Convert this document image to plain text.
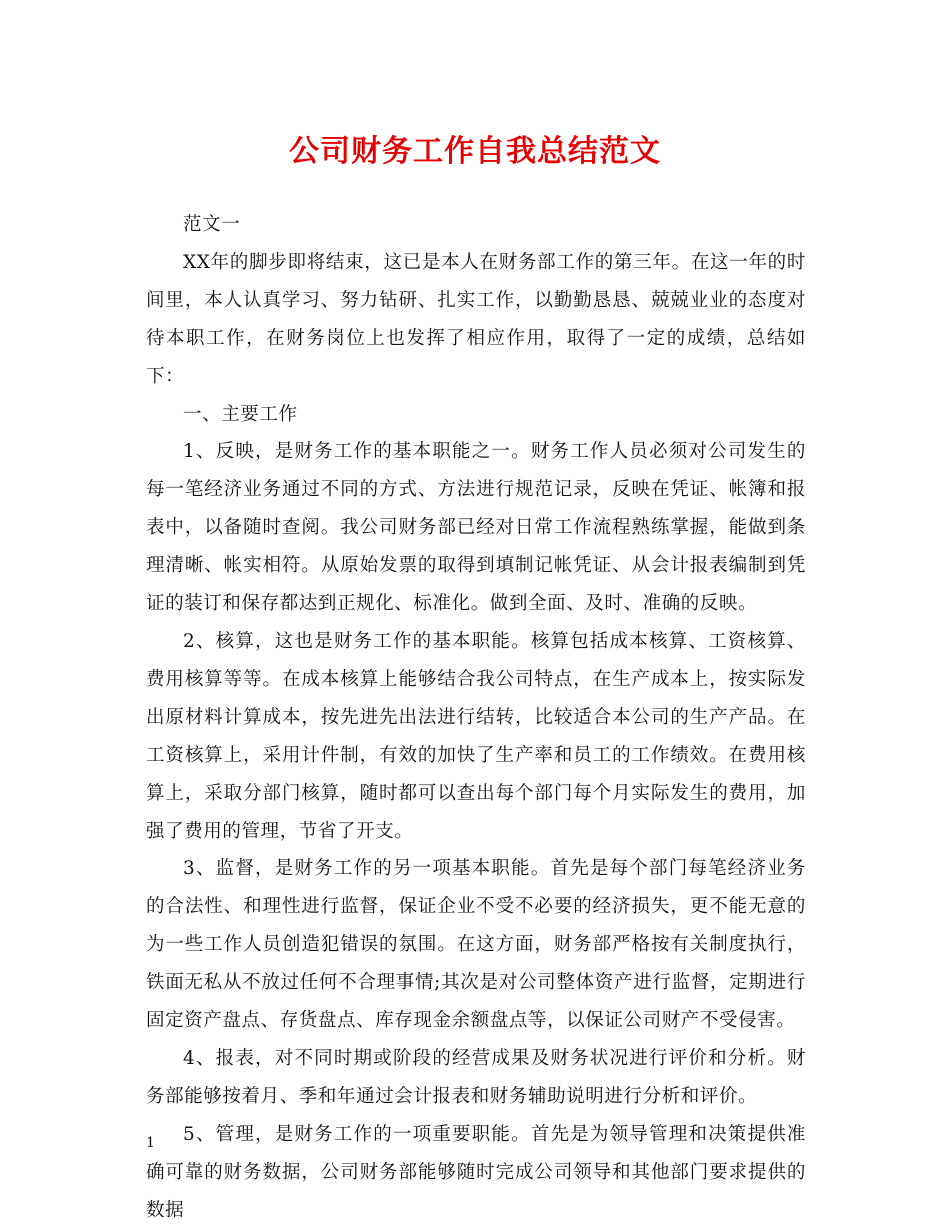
公司财务工作自我总结范文

范文一

XX年的脚步即将结束，这已是本人在财务部工作的第三年。在这一年的时间里，本人认真学习、努力钻研、扎实工作，以勤勤恳恳、兢兢业业的态度对待本职工作，在财务岗位上也发挥了相应作用，取得了一定的成绩，总结如下：

一、主要工作

1、反映，是财务工作的基本职能之一。财务工作人员必须对公司发生的每一笔经济业务通过不同的方式、方法进行规范记录，反映在凭证、帐簿和报表中，以备随时查阅。我公司财务部已经对日常工作流程熟练掌握，能做到条理清晰、帐实相符。从原始发票的取得到填制记帐凭证、从会计报表编制到凭证的装订和保存都达到正规化、标准化。做到全面、及时、准确的反映。

2、核算，这也是财务工作的基本职能。核算包括成本核算、工资核算、费用核算等等。在成本核算上能够结合我公司特点，在生产成本上，按实际发出原材料计算成本，按先进先出法进行结转，比较适合本公司的生产产品。在工资核算上，采用计件制，有效的加快了生产率和员工的工作绩效。在费用核算上，采取分部门核算，随时都可以查出每个部门每个月实际发生的费用，加强了费用的管理，节省了开支。

3、监督，是财务工作的另一项基本职能。首先是每个部门每笔经济业务的合法性、和理性进行监督，保证企业不受不必要的经济损失，更不能无意的为一些工作人员创造犯错误的氛围。在这方面，财务部严格按有关制度执行，铁面无私从不放过任何不合理事情;其次是对公司整体资产进行监督，定期进行固定资产盘点、存货盘点、库存现金余额盘点等，以保证公司财产不受侵害。

4、报表，对不同时期或阶段的经营成果及财务状况进行评价和分析。财务部能够按着月、季和年通过会计报表和财务辅助说明进行分析和评价。

5、管理，是财务工作的一项重要职能。首先是为领导管理和决策提供准确可靠的财务数据，公司财务部能够随时完成公司领导和其他部门要求提供的数据

1
